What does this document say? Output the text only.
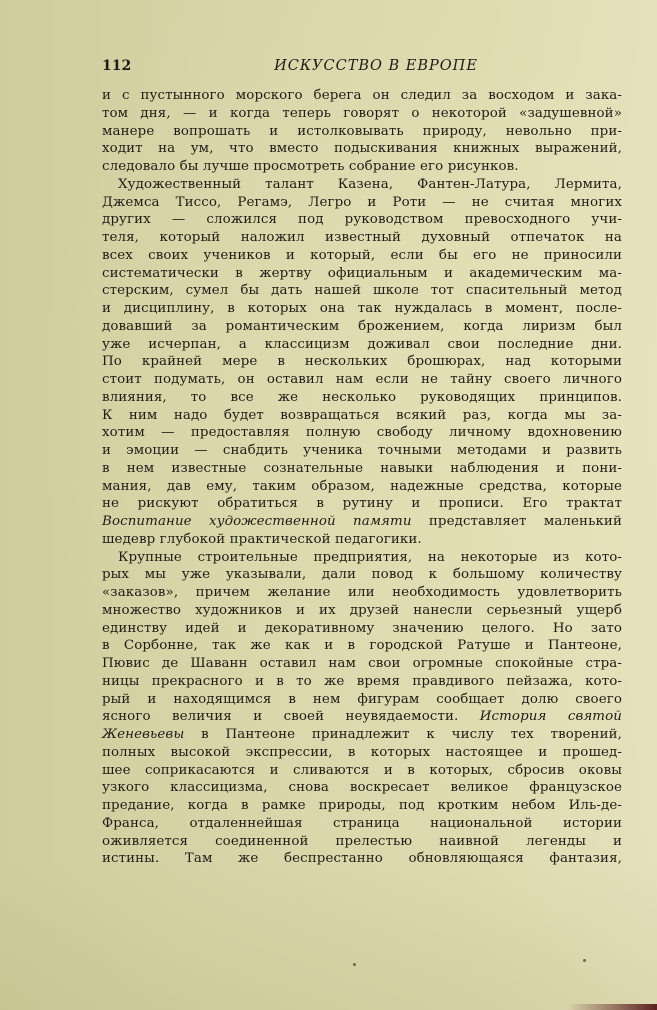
112	ИСКУССТВО В ЕВРОПЕ
и с пустынного морского берега он следил за восходом и зака-
том дня, — и когда теперь говорят о некоторой «задушевной»
манере вопрошать и истолковывать природу, невольно при-
ходит на ум, что вместо подыскивания книжных выражений,
следовало бы лучше просмотреть собрание его рисунков.
Художественный талант Казена, Фантен-Латура, Лермита,
Джемса Тиссо, Регамэ, Легро и Роти — не считая многих
других — сложился под руководством превосходного учи-
теля, который наложил известный духовный отпечаток на
всех своих учеников и который, если бы его не приносили
систематически в жертву официальным и академическим ма-
стерским, сумел бы дать нашей школе тот спасительный метод
и дисциплину, в которых она так нуждалась в момент, после-
довавший за романтическим брожением, когда лиризм был
уже исчерпан, а классицизм доживал свои последние дни.
По крайней мере в нескольких брошюрах, над которыми
стоит подумать, он оставил нам если не тайну своего личного
влияния, то все же несколько руководящих принципов.
К ним надо будет возвращаться всякий раз, когда мы за-
хотим — предоставляя полную свободу личному вдохновению
и эмоции — снабдить ученика точными методами и развить
в нем известные сознательные навыки наблюдения и пони-
мания, дав ему, таким образом, надежные средства, которые
не рискуют обратиться в рутину и прописи. Его трактат
Воспитание художественной памяти представляет маленький
шедевр глубокой практической педагогики.
Крупные строительные предприятия, на некоторые из кото-
рых мы уже указывали, дали повод к большому количеству
«заказов», причем желание или необходимость удовлетворить
множество художников и их друзей нанесли серьезный ущерб
единству идей и декоративному значению целого. Но зато
в Сорбонне, так же как и в городской Ратуше и Пантеоне,
Пювис де Шаванн оставил нам свои огромные спокойные стра-
ницы прекрасного и в то же время правдивого пейзажа, кото-
рый и находящимся в нем фигурам сообщает долю своего
ясного величия и своей неувядаемости. История святой
Женевьевы в Пантеоне принадлежит к числу тех творений,
полных высокой экспрессии, в которых настоящее и прошед-
шее соприкасаются и сливаются и в которых, сбросив оковы
узкого классицизма, снова воскресает великое французское
предание, когда в рамке природы, под кротким небом Иль-де-
Франса, отдаленнейшая страница национальной истории
оживляется соединенной прелестью наивной легенды и
истины. Там же беспрестанно обновляющаяся фантазия,
